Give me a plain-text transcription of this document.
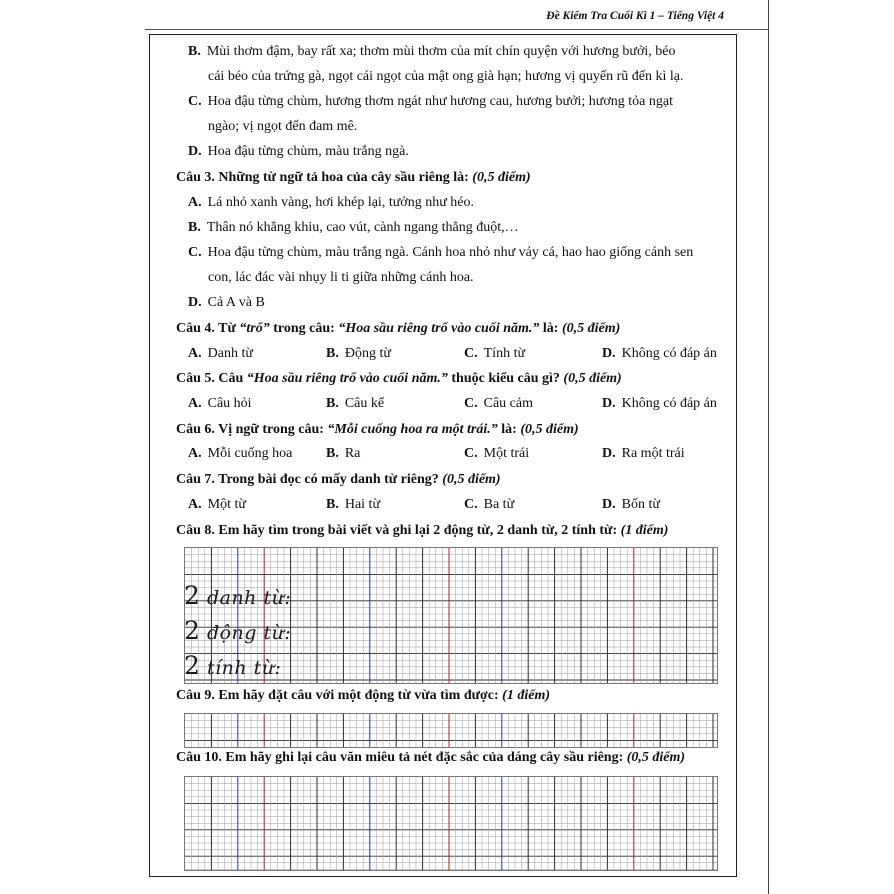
Đề Kiểm Tra Cuối Kì 1 – Tiếng Việt 4
B. Mùi thơm đậm, bay rất xa; thơm mùi thơm của mít chín quyện với hương bưởi, béo
cái béo của trứng gà, ngọt cái ngọt của mật ong già hạn; hương vị quyến rũ đến kì lạ.
C. Hoa đậu từng chùm, hương thơm ngát như hương cau, hương bưởi; hương tỏa ngạt
ngào; vị ngọt đến đam mê.
D. Hoa đậu từng chùm, màu trắng ngà.
Câu 3. Những từ ngữ tả hoa của cây sầu riêng là: (0,5 điểm)
A. Lá nhỏ xanh vàng, hơi khép lại, tưởng như héo.
B. Thân nó khẳng khiu, cao vút, cành ngang thẳng đuột,…
C. Hoa đậu từng chùm, màu trắng ngà. Cánh hoa nhỏ như vảy cá, hao hao giống cánh sen
con, lác đác vài nhụy li ti giữa những cánh hoa.
D. Cả A và B
Câu 4. Từ “trổ” trong câu: “Hoa sầu riêng trổ vào cuối năm.” là: (0,5 điểm)
A. Danh từ	B. Động từ	C. Tính từ	D. Không có đáp án
Câu 5. Câu “Hoa sầu riêng trổ vào cuối năm.” thuộc kiểu câu gì? (0,5 điểm)
A. Câu hỏi	B. Câu kể	C. Câu cảm	D. Không có đáp án
Câu 6. Vị ngữ trong câu: “Mỗi cuống hoa ra một trái.” là: (0,5 điểm)
A. Mỗi cuống hoa B. Ra	C. Một trái	D. Ra một trái
Câu 7. Trong bài đọc có mấy danh từ riêng? (0,5 điểm)
A. Một từ	B. Hai từ	C. Ba từ	D. Bốn từ
Câu 8. Em hãy tìm trong bài viết và ghi lại 2 động từ, 2 danh từ, 2 tính từ: (1 điểm)
2 danh từ:
2 động từ:
2 tính từ:
Câu 9. Em hãy đặt câu với một động từ vừa tìm được: (1 điểm)
Câu 10. Em hãy ghi lại câu văn miêu tả nét đặc sắc của dáng cây sầu riêng: (0,5 điểm)
